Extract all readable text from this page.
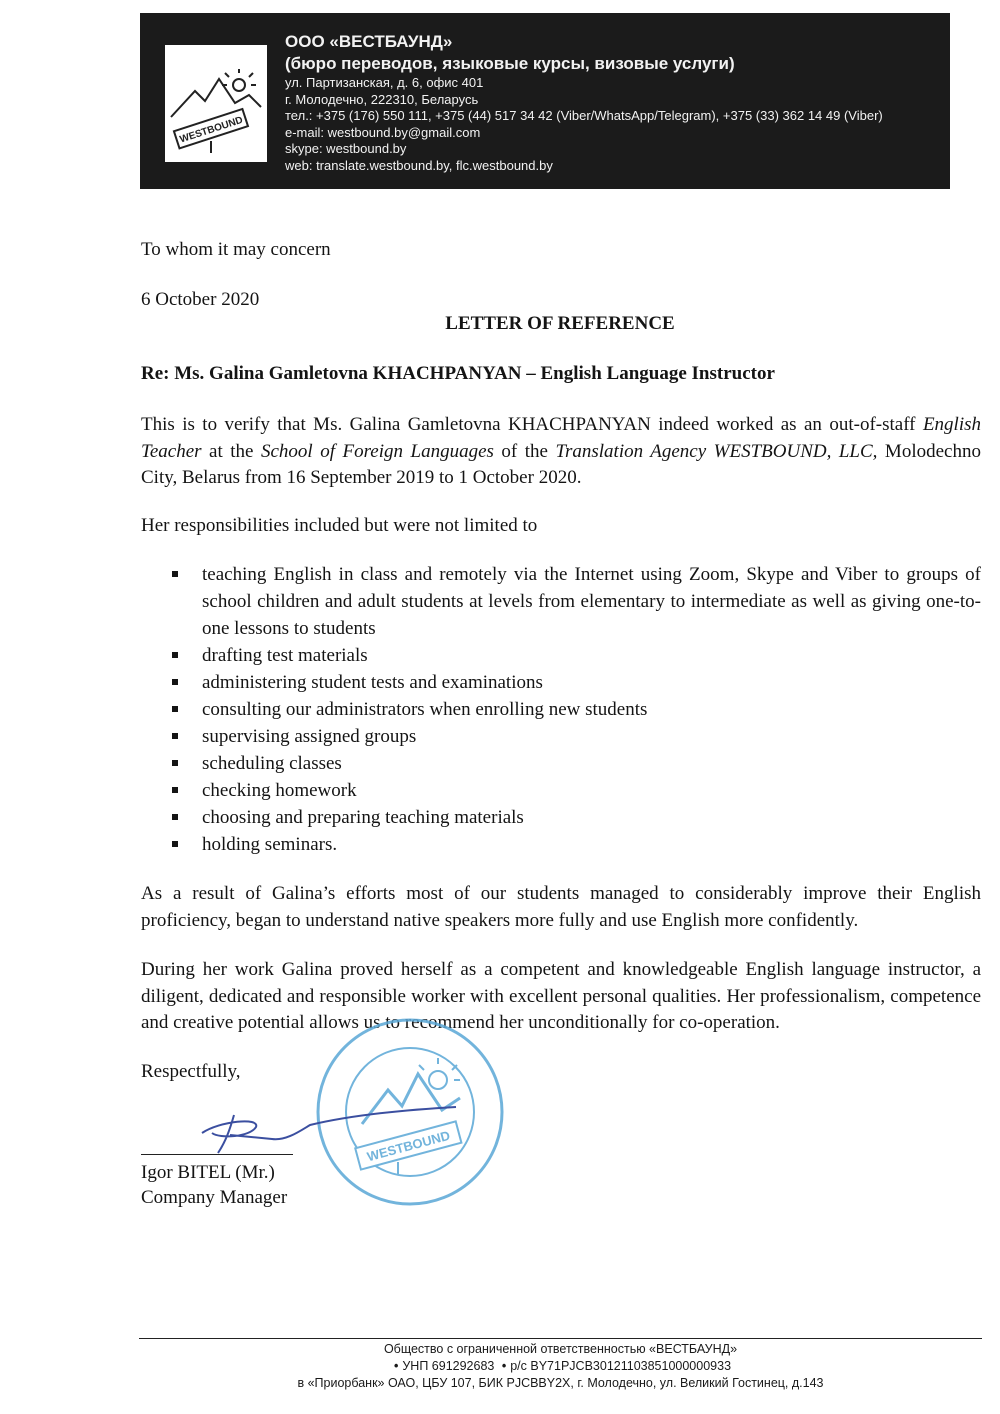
WESTBOUND
ООО «ВЕСТБАУНД»
(бюро переводов, языковые курсы, визовые услуги)
ул. Партизанская, д. 6, офис 401
г. Молодечно, 222310, Беларусь
тел.: +375 (176) 550 111, +375 (44) 517 34 42 (Viber/WhatsApp/Telegram), +375 (33) 362 14 49 (Viber)
e-mail: westbound.by@gmail.com
skype: westbound.by
web: translate.westbound.by, flc.westbound.by
To whom it may concern
6 October 2020
LETTER OF REFERENCE
Re: Ms. Galina Gamletovna KHACHPANYAN – English Language Instructor
This is to verify that Ms. Galina Gamletovna KHACHPANYAN indeed worked as an out-of-staff English Teacher at the School of Foreign Languages of the Translation Agency WESTBOUND, LLC, Molodechno City, Belarus from 16 September 2019 to 1 October 2020.
Her responsibilities included but were not limited to
teaching English in class and remotely via the Internet using Zoom, Skype and Viber to groups of school children and adult students at levels from elementary to intermediate as well as giving one-to-one lessons to students
drafting test materials
administering student tests and examinations
consulting our administrators when enrolling new students
supervising assigned groups
scheduling classes
checking homework
choosing and preparing teaching materials
holding seminars.
As a result of Galina’s efforts most of our students managed to considerably improve their English proficiency, began to understand native speakers more fully and use English more confidently.
During her work Galina proved herself as a competent and knowledgeable English language instructor, a diligent, dedicated and responsible worker with excellent personal qualities. Her professionalism, competence and creative potential allows us to recommend her unconditionally for co-operation.
Respectfully,
WESTBOUND
Igor BITEL (Mr.)
Company Manager
Общество с ограниченной ответственностью «ВЕСТБАУНД»
• УНП 691292683 • р/с BY71PJCB30121103851000000933
в «Приорбанк» ОАО, ЦБУ 107, БИК PJCBBY2X, г. Молодечно, ул. Великий Гостинец, д.143
